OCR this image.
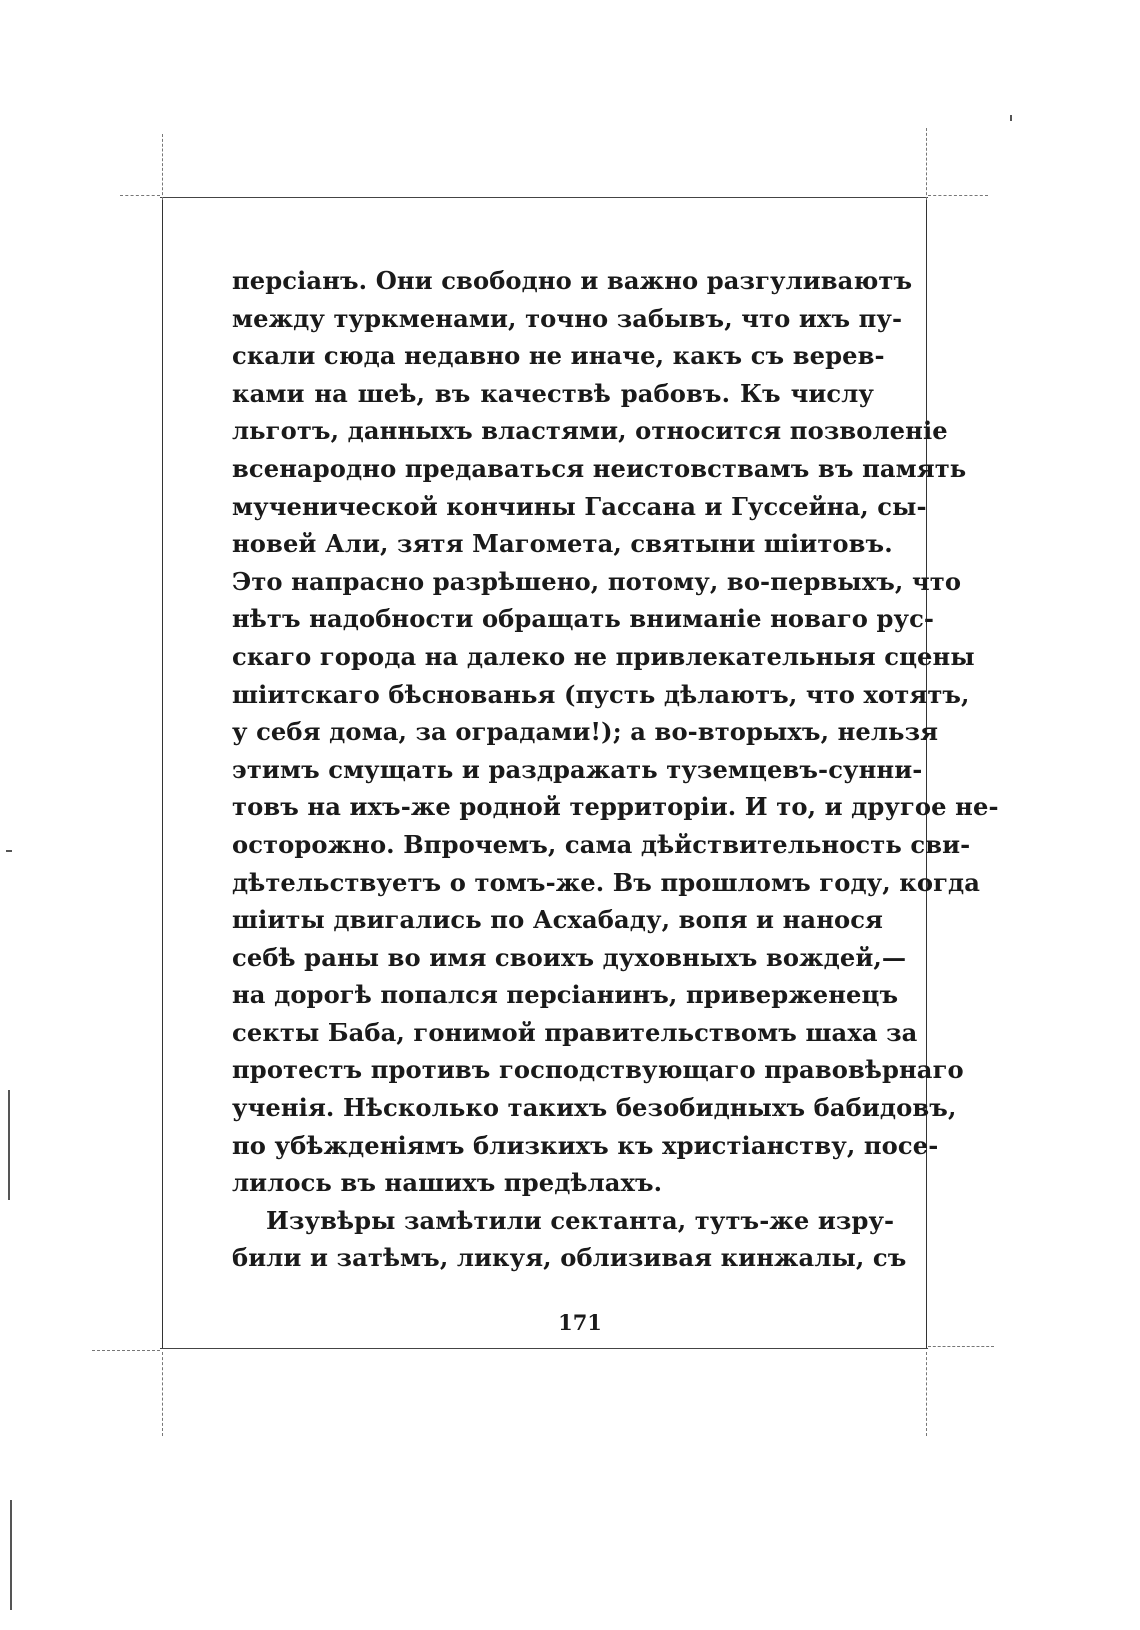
персіанъ. Они свободно и важно разгуливаютъ
между туркменами, точно забывъ, что ихъ пу-
скали сюда недавно не иначе, какъ съ верев-
ками на шеѣ, въ качествѣ рабовъ. Къ числу
льготъ, данныхъ властями, относится позволеніе
всенародно предаваться неистовствамъ въ память
мученической кончины Гассана и Гуссейна, сы-
новей Али, зятя Магомета, святыни шіитовъ.
Это напрасно разрѣшено, потому, во-первыхъ, что
нѣтъ надобности обращать вниманіе новаго рус-
скаго города на далеко не привлекательныя сцены
шіитскаго бѣснованья (пусть дѣлаютъ, что хотятъ,
у себя дома, за оградами!); а во-вторыхъ, нельзя
этимъ смущать и раздражать туземцевъ-сунни-
товъ на ихъ-же родной территоріи. И то, и другое не-
осторожно. Впрочемъ, сама дѣйствительность сви-
дѣтельствуетъ о томъ-же. Въ прошломъ году, когда
шіиты двигались по Асхабаду, вопя и нанося
себѣ раны во имя своихъ духовныхъ вождей,—
на дорогѣ попался персіанинъ, приверженецъ
секты Баба, гонимой правительствомъ шаха за
протестъ противъ господствующаго правовѣрнаго
ученія. Нѣсколько такихъ безобидныхъ бабидовъ,
по убѣжденіямъ близкихъ къ христіанству, посе-
лилось въ нашихъ предѣлахъ.
Изувѣры замѣтили сектанта, тутъ-же изру-
били и затѣмъ, ликуя, облизивая кинжалы, съ
171
